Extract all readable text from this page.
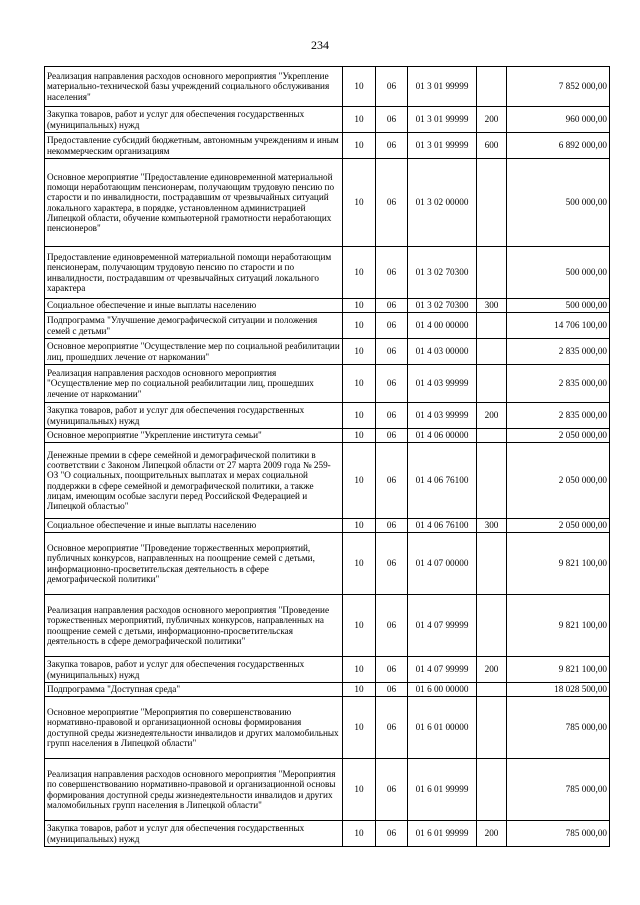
234
Реализация направления расходов основного мероприятия "Укрепление материально-технической базы учреждений социального обслуживания населения"	10	06	01 3 01 99999		7 852 000,00
Закупка товаров, работ и услуг для обеспечения государственных (муниципальных) нужд	10	06	01 3 01 99999	200	960 000,00
Предоставление субсидий бюджетным, автономным учреждениям и иным некоммерческим организациям	10	06	01 3 01 99999	600	6 892 000,00
Основное мероприятие "Предоставление единовременной материальной помощи неработающим пенсионерам, получающим трудовую пенсию по старости и по инвалидности, пострадавшим от чрезвычайных ситуаций локального характера, в порядке, установленном администрацией Липецкой области, обучение компьютерной грамотности неработающих пенсионеров"	10	06	01 3 02 00000		500 000,00
Предоставление единовременной материальной помощи неработающим пенсионерам, получающим трудовую пенсию по старости и по инвалидности, пострадавшим от чрезвычайных ситуаций локального характера	10	06	01 3 02 70300		500 000,00
Социальное обеспечение и иные выплаты населению	10	06	01 3 02 70300	300	500 000,00
Подпрограмма "Улучшение демографической ситуации и положения семей с детьми"	10	06	01 4 00 00000		14 706 100,00
Основное мероприятие "Осуществление мер по социальной реабилитации лиц, прошедших лечение от наркомании"	10	06	01 4 03 00000		2 835 000,00
Реализация направления расходов основного мероприятия "Осуществление мер по социальной реабилитации лиц, прошедших лечение от наркомании"	10	06	01 4 03 99999		2 835 000,00
Закупка товаров, работ и услуг для обеспечения государственных (муниципальных) нужд	10	06	01 4 03 99999	200	2 835 000,00
Основное мероприятие "Укрепление института семьи"	10	06	01 4 06 00000		2 050 000,00
Денежные премии в сфере семейной и демографической политики в соответствии с Законом Липецкой области от 27 марта 2009 года № 259-ОЗ "О социальных, поощрительных выплатах и мерах социальной поддержки в сфере семейной и демографической политики, а также лицам, имеющим особые заслуги перед Российской Федерацией и Липецкой областью"	10	06	01 4 06 76100		2 050 000,00
Социальное обеспечение и иные выплаты населению	10	06	01 4 06 76100	300	2 050 000,00
Основное мероприятие "Проведение торжественных мероприятий, публичных конкурсов, направленных на поощрение семей с детьми, информационно-просветительская деятельность в сфере демографической политики"	10	06	01 4 07 00000		9 821 100,00
Реализация направления расходов основного мероприятия "Проведение торжественных мероприятий, публичных конкурсов, направленных на поощрение семей с детьми, информационно-просветительская деятельность в сфере демографической политики"	10	06	01 4 07 99999		9 821 100,00
Закупка товаров, работ и услуг для обеспечения государственных (муниципальных) нужд	10	06	01 4 07 99999	200	9 821 100,00
Подпрограмма "Доступная среда"	10	06	01 6 00 00000		18 028 500,00
Основное мероприятие "Мероприятия по совершенствованию нормативно-правовой и организационной основы формирования доступной среды жизнедеятельности инвалидов и других маломобильных групп населения в Липецкой области"	10	06	01 6 01 00000		785 000,00
Реализация направления расходов основного мероприятия "Мероприятия по совершенствованию нормативно-правовой и организационной основы формирования доступной среды жизнедеятельности инвалидов и других маломобильных групп населения в Липецкой области"	10	06	01 6 01 99999		785 000,00
Закупка товаров, работ и услуг для обеспечения государственных (муниципальных) нужд	10	06	01 6 01 99999	200	785 000,00
